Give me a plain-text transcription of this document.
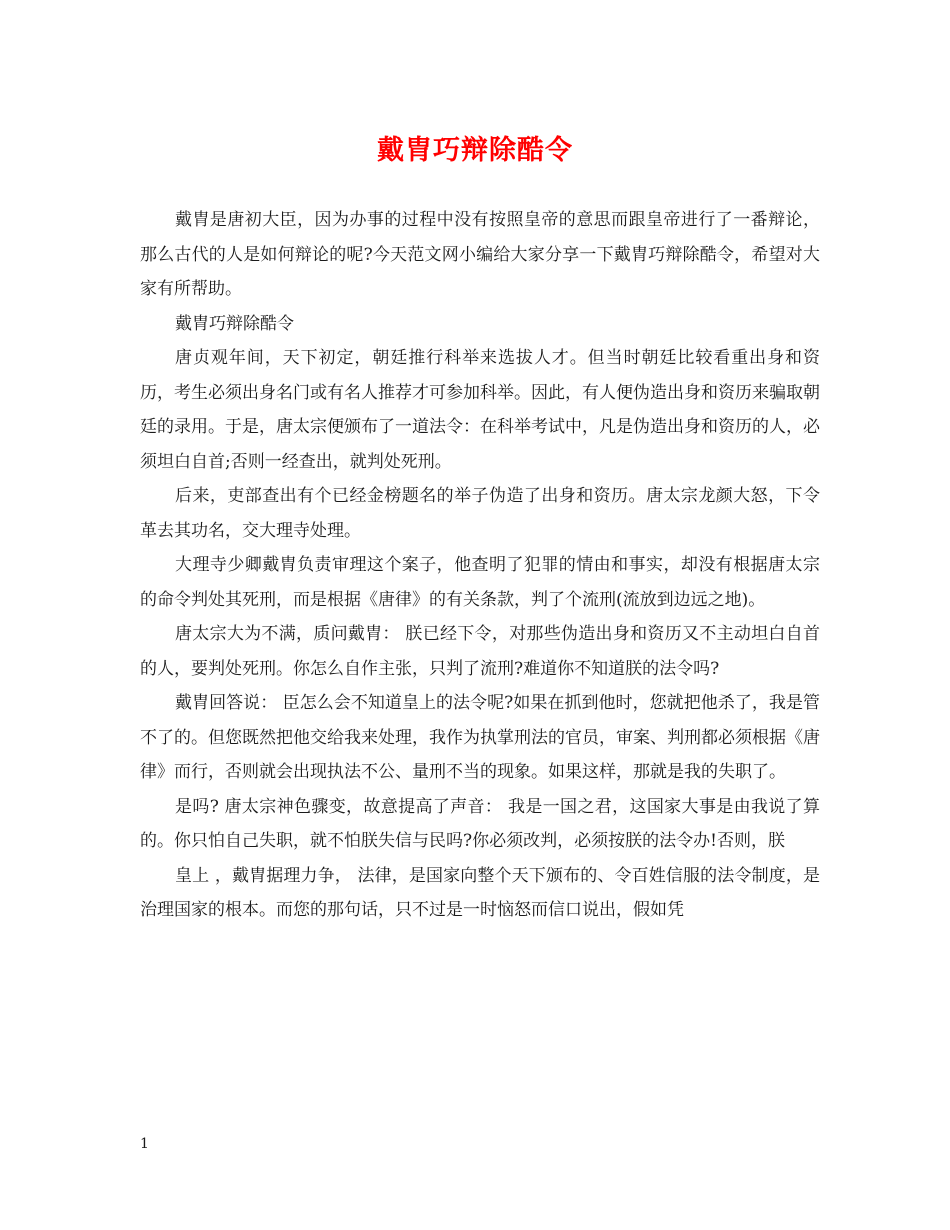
戴胄巧辩除酷令

戴胄是唐初大臣，因为办事的过程中没有按照皇帝的意思而跟皇帝进行了一番辩论，那么古代的人是如何辩论的呢?今天范文网小编给大家分享一下戴胄巧辩除酷令，希望对大家有所帮助。

戴胄巧辩除酷令

唐贞观年间，天下初定，朝廷推行科举来选拔人才。但当时朝廷比较看重出身和资历，考生必须出身名门或有名人推荐才可参加科举。因此，有人便伪造出身和资历来骗取朝廷的录用。于是，唐太宗便颁布了一道法令：在科举考试中，凡是伪造出身和资历的人，必须坦白自首;否则一经查出，就判处死刑。

后来，吏部查出有个已经金榜题名的举子伪造了出身和资历。唐太宗龙颜大怒，下令革去其功名，交大理寺处理。

大理寺少卿戴胄负责审理这个案子，他查明了犯罪的情由和事实，却没有根据唐太宗的命令判处其死刑，而是根据《唐律》的有关条款，判了个流刑(流放到边远之地)。

唐太宗大为不满，质问戴胄： 朕已经下令，对那些伪造出身和资历又不主动坦白自首的人，要判处死刑。你怎么自作主张，只判了流刑?难道你不知道朕的法令吗?

戴胄回答说： 臣怎么会不知道皇上的法令呢?如果在抓到他时，您就把他杀了，我是管不了的。但您既然把他交给我来处理，我作为执掌刑法的官员，审案、判刑都必须根据《唐律》而行，否则就会出现执法不公、量刑不当的现象。如果这样，那就是我的失职了。

是吗? 唐太宗神色骤变，故意提高了声音： 我是一国之君，这国家大事是由我说了算的。你只怕自己失职，就不怕朕失信与民吗?你必须改判，必须按朕的法令办!否则，朕

皇上 ，戴胄据理力争， 法律，是国家向整个天下颁布的、令百姓信服的法令制度，是治理国家的根本。而您的那句话，只不过是一时恼怒而信口说出，假如凭

1
